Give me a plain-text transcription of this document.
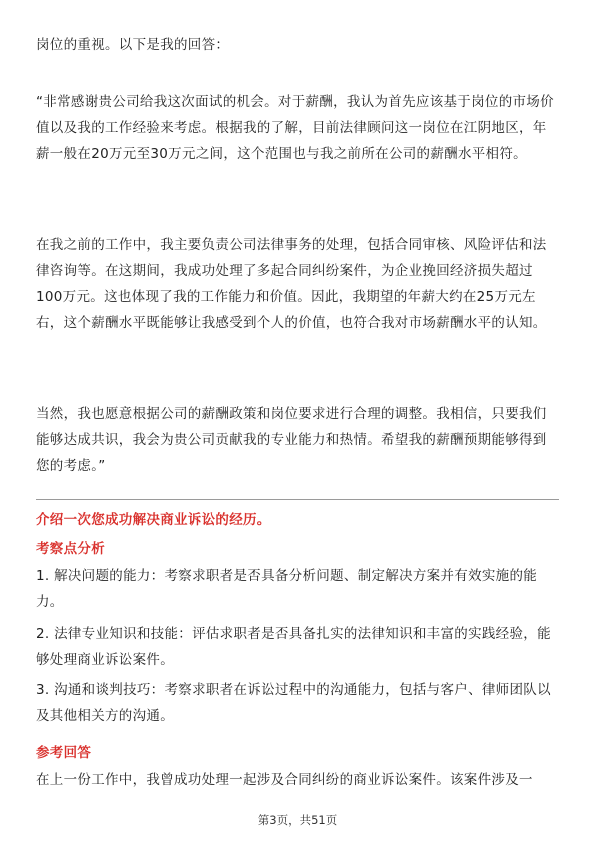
岗位的重视。以下是我的回答：

“非常感谢贵公司给我这次面试的机会。对于薪酬，我认为首先应该基于岗位的市场价值以及我的工作经验来考虑。根据我的了解，目前法律顾问这一岗位在江阴地区，年薪一般在20万元至30万元之间，这个范围也与我之前所在公司的薪酬水平相符。

在我之前的工作中，我主要负责公司法律事务的处理，包括合同审核、风险评估和法律咨询等。在这期间，我成功处理了多起合同纠纷案件，为企业挽回经济损失超过100万元。这也体现了我的工作能力和价值。因此，我期望的年薪大约在25万元左右，这个薪酬水平既能够让我感受到个人的价值，也符合我对市场薪酬水平的认知。

当然，我也愿意根据公司的薪酬政策和岗位要求进行合理的调整。我相信，只要我们能够达成共识，我会为贵公司贡献我的专业能力和热情。希望我的薪酬预期能够得到您的考虑。”

介绍一次您成功解决商业诉讼的经历。

考察点分析

1. 解决问题的能力：考察求职者是否具备分析问题、制定解决方案并有效实施的能力。

2. 法律专业知识和技能：评估求职者是否具备扎实的法律知识和丰富的实践经验，能够处理商业诉讼案件。

3. 沟通和谈判技巧：考察求职者在诉讼过程中的沟通能力，包括与客户、律师团队以及其他相关方的沟通。

参考回答

在上一份工作中，我曾成功处理一起涉及合同纠纷的商业诉讼案件。该案件涉及一

第3页，共51页
